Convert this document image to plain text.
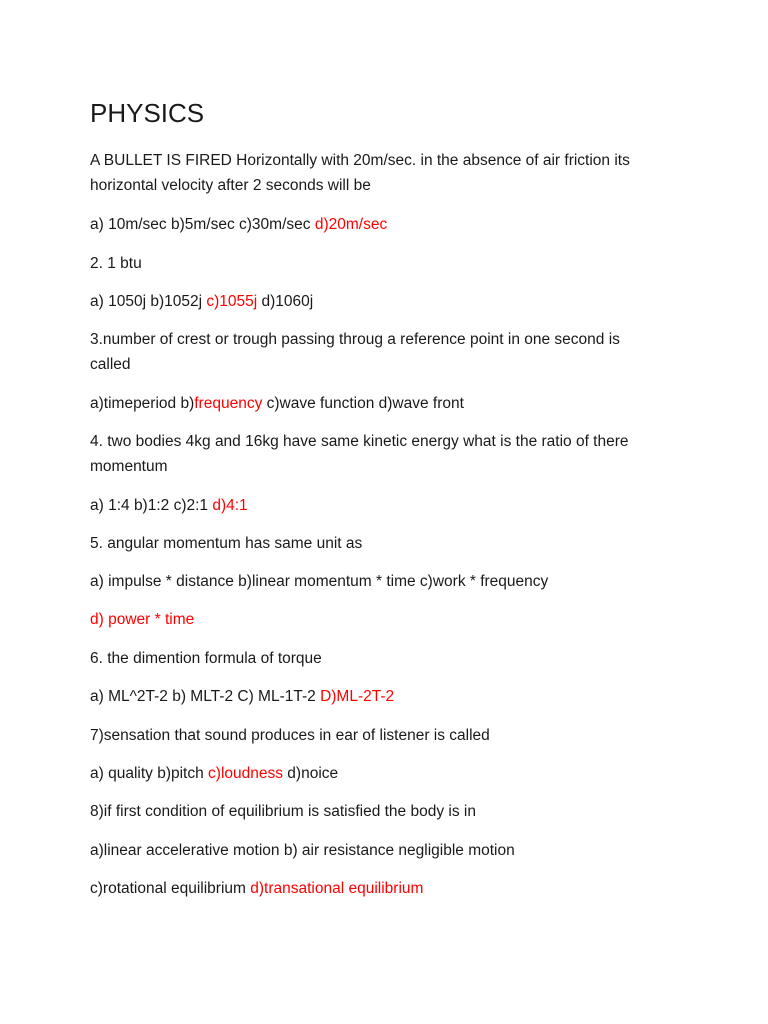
PHYSICS

A BULLET IS FIRED Horizontally with 20m/sec. in the absence of air friction its
horizontal velocity after 2 seconds will be

a) 10m/sec b)5m/sec c)30m/sec d)20m/sec

2. 1 btu

a) 1050j b)1052j c)1055j d)1060j

3.number of crest or trough passing throug a reference point in one second is
called

a)timeperiod b)frequency c)wave function d)wave front

4. two bodies 4kg and 16kg have same kinetic energy what is the ratio of there
momentum

a) 1:4 b)1:2 c)2:1 d)4:1

5. angular momentum has same unit as

a) impulse * distance b)linear momentum * time c)work * frequency

d) power * time

6. the dimention formula of torque

a) ML^2T-2 b) MLT-2 C) ML-1T-2 D)ML-2T-2

7)sensation that sound produces in ear of listener is called

a) quality b)pitch c)loudness d)noice

8)if first condition of equilibrium is satisfied the body is in

a)linear accelerative motion b) air resistance negligible motion

c)rotational equilibrium d)transational equilibrium
